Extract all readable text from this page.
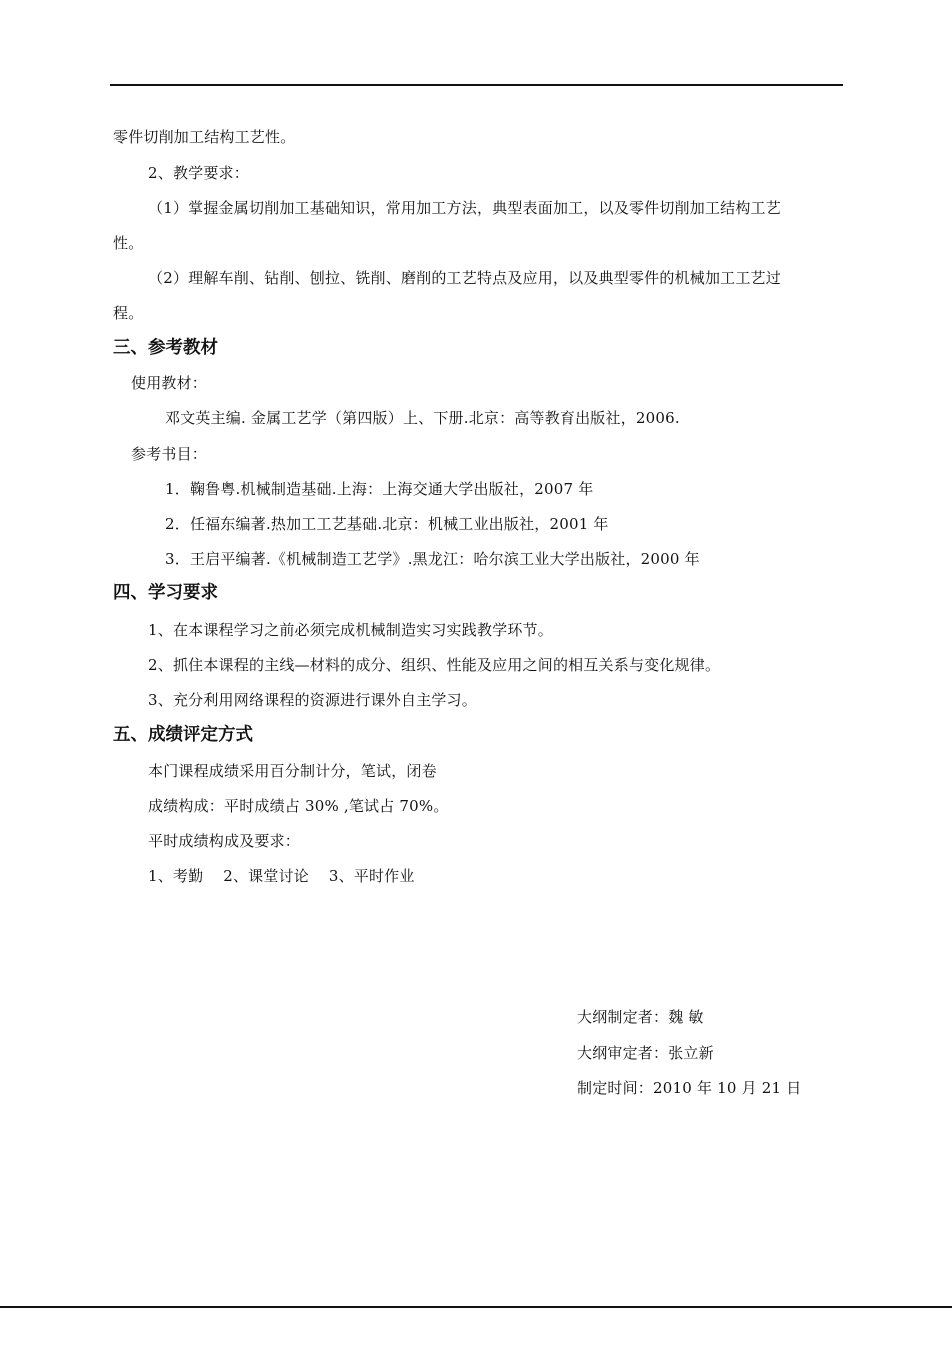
零件切削加工结构工艺性。
2、教学要求：
（1）掌握金属切削加工基础知识，常用加工方法，典型表面加工，以及零件切削加工结构工艺
性。
（2）理解车削、钻削、刨拉、铣削、磨削的工艺特点及应用，以及典型零件的机械加工工艺过
程。
三、参考教材
使用教材：
邓文英主编. 金属工艺学（第四版）上、下册.北京：高等教育出版社，2006.
参考书目：
1．鞠鲁粤.机械制造基础.上海：上海交通大学出版社，2007 年
2．任福东编著.热加工工艺基础.北京：机械工业出版社，2001 年
3．王启平编著.《机械制造工艺学》.黑龙江：哈尔滨工业大学出版社，2000 年
四、学习要求
1、在本课程学习之前必须完成机械制造实习实践教学环节。
2、抓住本课程的主线—材料的成分、组织、性能及应用之间的相互关系与变化规律。
3、充分利用网络课程的资源进行课外自主学习。
五、成绩评定方式
本门课程成绩采用百分制计分，笔试，闭卷
成绩构成：平时成绩占 30% ,笔试占 70%。
平时成绩构成及要求：
1、考勤    2、课堂讨论    3、平时作业
大纲制定者：魏 敏
大纲审定者：张立新
制定时间：2010 年 10 月 21 日
